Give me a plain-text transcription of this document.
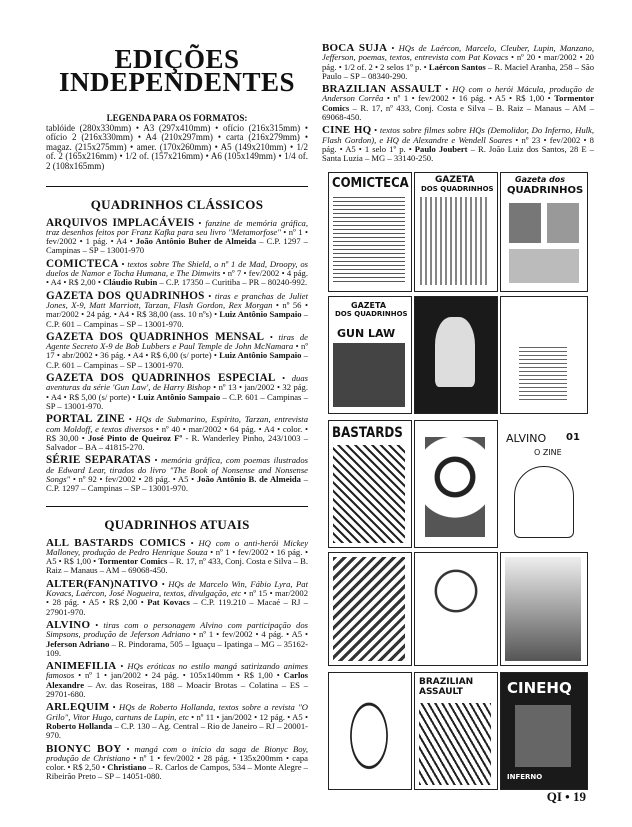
EDIÇÕES
INDEPENDENTES
LEGENDA PARA OS FORMATOS:
tablóide (280x330mm) • A3 (297x410mm) • ofício (216x315mm) • ofício 2 (216x330mm) • A4 (210x297mm) • carta (216x279mm) • magaz. (215x275mm) • amer. (170x260mm) • A5 (149x210mm) • 1/2 of. 2 (165x216mm) • 1/2 of. (157x216mm) • A6 (105x149mm) • 1/4 of. 2 (108x165mm)
QUADRINHOS CLÁSSICOS
ARQUIVOS IMPLACÁVEIS • fanzine de memória gráfica, traz desenhos feitos por Franz Kafka para seu livro "Metamorfose" • nº 1 • fev/2002 • 1 pág. • A4 • João Antônio Buher de Almeida – C.P. 1297 – Campinas – SP – 13001-970
COMICTECA • textos sobre The Shield, o nº 1 de Mad, Droopy, os duelos de Namor e Tocha Humana, e The Dimwits • nº 7 • fev/2002 • 4 pág. • A4 • R$ 2,00 • Cláudio Rubin – C.P. 17350 – Curitiba – PR – 80240-992.
GAZETA DOS QUADRINHOS • tiras e pranchas de Juliet Jones, X-9, Matt Marriott, Tarzan, Flash Gordon, Rex Morgan • nº 56 • mar/2002 • 24 pág. • A4 • R$ 38,00 (ass. 10 nºs) • Luiz Antônio Sampaio – C.P. 601 – Campinas – SP – 13001-970.
GAZETA DOS QUADRINHOS MENSAL • tiras de Agente Secreto X-9 de Bob Lubbers e Paul Temple de John McNamara • nº 17 • abr/2002 • 36 pág. • A4 • R$ 6,00 (s/ porte) • Luiz Antônio Sampaio – C.P. 601 – Campinas – SP – 13001-970.
GAZETA DOS QUADRINHOS ESPECIAL • duas aventuras da série 'Gun Law', de Harry Bishop • nº 13 • jan/2002 • 32 pág. • A4 • R$ 5,00 (s/ porte) • Luiz Antônio Sampaio – C.P. 601 – Campinas – SP – 13001-970.
PORTAL ZINE • HQs de Submarino, Espírito, Tarzan, entrevista com Moldoff, e textos diversos • nº 40 • mar/2002 • 64 pág. • A4 • color. • R$ 30,00 • José Pinto de Queiroz Fº - R. Wanderley Pinho, 243/1003 – Salvador – BA – 41815-270.
SÉRIE SEPARATAS • memória gráfica, com poemas ilustrados de Edward Lear, tirados do livro "The Book of Nonsense and Nonsense Songs" • nº 92 • fev/2002 • 28 pág. • A5 • João Antônio B. de Almeida – C.P. 1297 – Campinas – SP – 13001-970.
QUADRINHOS ATUAIS
ALL BASTARDS COMICS • HQ com o anti-herói Mickey Malloney, produção de Pedro Henrique Souza • nº 1 • fev/2002 • 16 pág. • A5 • R$ 1,00 • Tormentor Comics – R. 17, nº 433, Conj. Costa e Silva – B. Raiz – Manaus – AM – 69068-450.
ALTER(FAN)NATIVO • HQs de Marcelo Win, Fábio Lyra, Pat Kovacs, Laércon, José Nogueira, textos, divulgação, etc • nº 15 • mar/2002 • 28 pág. • A5 • R$ 2,00 • Pat Kovacs – C.P. 119.210 – Macaé – RJ – 27901-970.
ALVINO • tiras com o personagem Alvino com participação dos Simpsons, produção de Jeferson Adriano • nº 1 • fev/2002 • 4 pág. • A5 • Jeferson Adriano – R. Pindorama, 505 – Iguaçu – Ipatinga – MG – 35162-109.
ANIMEFILIA • HQs eróticas no estilo mangá satirizando animes famosos • nº 1 • jan/2002 • 24 pág. • 105x140mm • R$ 1,00 • Carlos Alexandre – Av. das Roseiras, 188 – Moacir Brotas – Colatina – ES – 29701-680.
ARLEQUIM • HQs de Roberto Hollanda, textos sobre a revista "O Grilo", Vitor Hugo, cartuns de Lupin, etc • nº 11 • jan/2002 • 12 pág. • A5 • Roberto Hollanda – C.P. 130 – Ag. Central – Rio de Janeiro – RJ – 20001-970.
BIONYC BOY • mangá com o início da saga de Bionyc Boy, produção de Christiano • nº 1 • fev/2002 • 28 pág. • 135x200mm • capa color. • R$ 2,50 • Christiano – R. Carlos de Campos, 534 – Monte Alegre – Ribeirão Preto – SP – 14051-080.
BOCA SUJA • HQs de Laércon, Marcelo, Cleuber, Lupin, Manzano, Jefferson, poemas, textos, entrevista com Pat Kovacs • nº 20 • mar/2002 • 20 pág. • 1/2 of. 2 • 2 selos 1º p. • Laércon Santos – R. Maciel Aranha, 258 – São Paulo – SP – 08340-290.
BRAZILIAN ASSAULT • HQ com o herói Mácula, produção de Anderson Corrêa • nº 1 • fev/2002 • 16 pág. • A5 • R$ 1,00 • Tormentor Comics – R. 17, nº 433, Conj. Costa e Silva – B. Raiz – Manaus – AM – 69068-450.
CINE HQ • textos sobre filmes sobre HQs (Demolidor, Do Inferno, Hulk, Flash Gordon), e HQ de Alexandre e Wendell Soares • nº 23 • fev/2002 • 8 pág. • A5 • 1 selo 1º p. • Paulo Joubert – R. João Luiz dos Santos, 28 E – Santa Luzia – MG – 33140-250.
COMICTECA	GAZETA
DOS QUADRINHOS
Gazeta dos
QUADRINHOS
GAZETA
DOS QUADRINHOS
GUN LAW
BASTARDS	ALVINO 01
O ZINE
BRAZILIAN ASSAULT	CINEHQ
INFERNO
QI • 19
